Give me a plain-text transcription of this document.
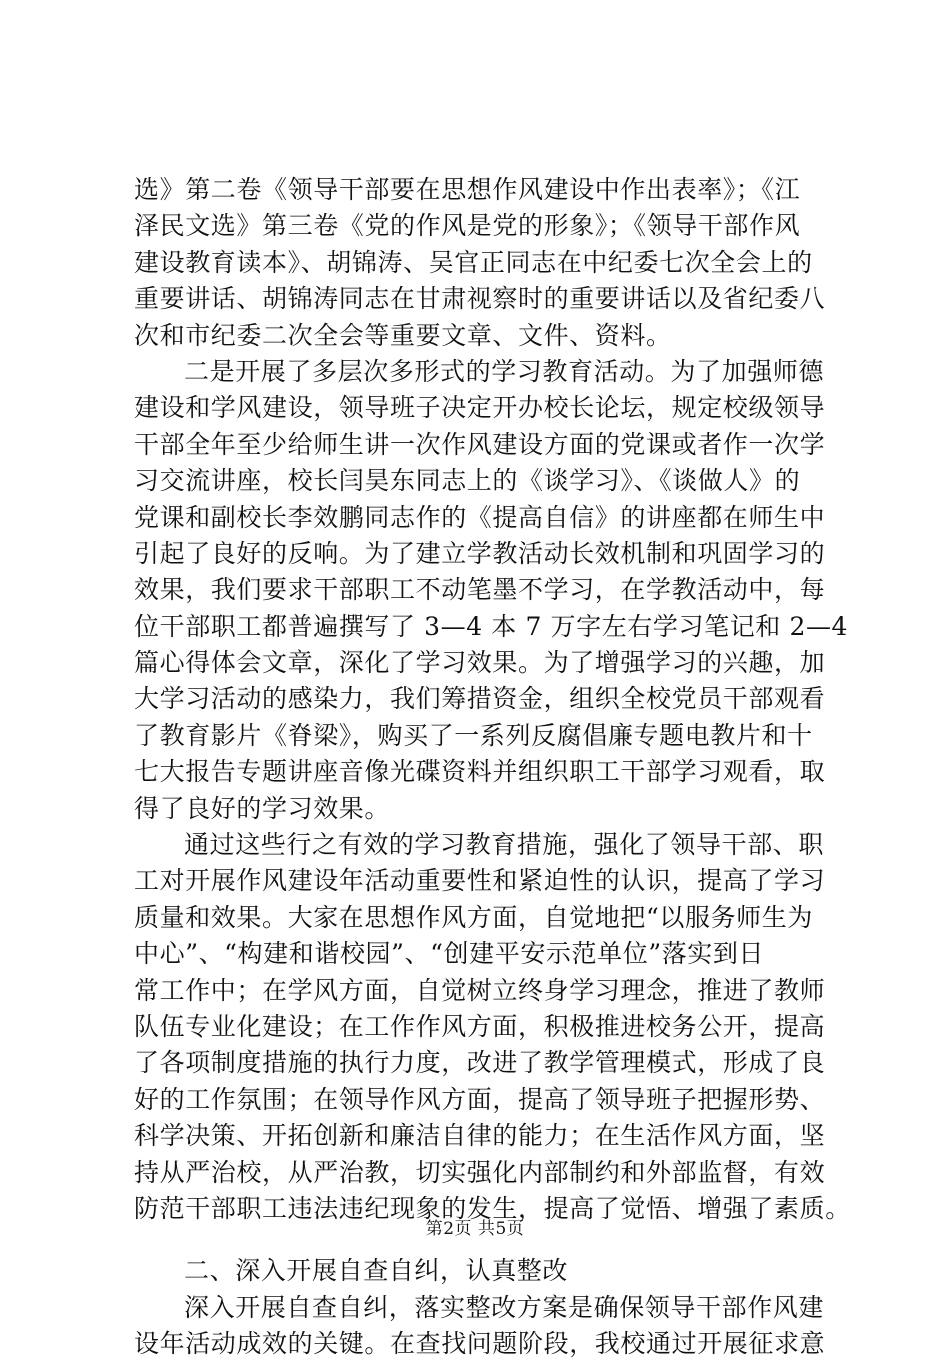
选》第二卷《领导干部要在思想作风建设中作出表率》；《江
泽民文选》第三卷《党的作风是党的形象》；《领导干部作风
建设教育读本》、胡锦涛、吴官正同志在中纪委七次全会上的
重要讲话、胡锦涛同志在甘肃视察时的重要讲话以及省纪委八
次和市纪委二次全会等重要文章、文件、资料。
二是开展了多层次多形式的学习教育活动。为了加强师德
建设和学风建设，领导班子决定开办校长论坛，规定校级领导
干部全年至少给师生讲一次作风建设方面的党课或者作一次学
习交流讲座，校长闫昊东同志上的《谈学习》、《谈做人》的
党课和副校长李效鹏同志作的《提高自信》的讲座都在师生中
引起了良好的反响。为了建立学教活动长效机制和巩固学习的
效果，我们要求干部职工不动笔墨不学习，在学教活动中，每
位干部职工都普遍撰写了 3—4 本 7 万字左右学习笔记和 2—4
篇心得体会文章，深化了学习效果。为了增强学习的兴趣，加
大学习活动的感染力，我们筹措资金，组织全校党员干部观看
了教育影片《脊梁》，购买了一系列反腐倡廉专题电教片和十
七大报告专题讲座音像光碟资料并组织职工干部学习观看，取
得了良好的学习效果。
通过这些行之有效的学习教育措施，强化了领导干部、职
工对开展作风建设年活动重要性和紧迫性的认识，提高了学习
质量和效果。大家在思想作风方面，自觉地把“以服务师生为
中心”、“构建和谐校园”、“创建平安示范单位”落实到日
常工作中；在学风方面，自觉树立终身学习理念，推进了教师
队伍专业化建设；在工作作风方面，积极推进校务公开，提高
了各项制度措施的执行力度，改进了教学管理模式，形成了良
好的工作氛围；在领导作风方面，提高了领导班子把握形势、
科学决策、开拓创新和廉洁自律的能力；在生活作风方面，坚
持从严治校，从严治教，切实强化内部制约和外部监督，有效
防范干部职工违法违纪现象的发生，提高了觉悟、增强了素质。
二、深入开展自查自纠，认真整改
深入开展自查自纠，落实整改方案是确保领导干部作风建
设年活动成效的关键。在查找问题阶段，我校通过开展征求意
第2页 共5页
